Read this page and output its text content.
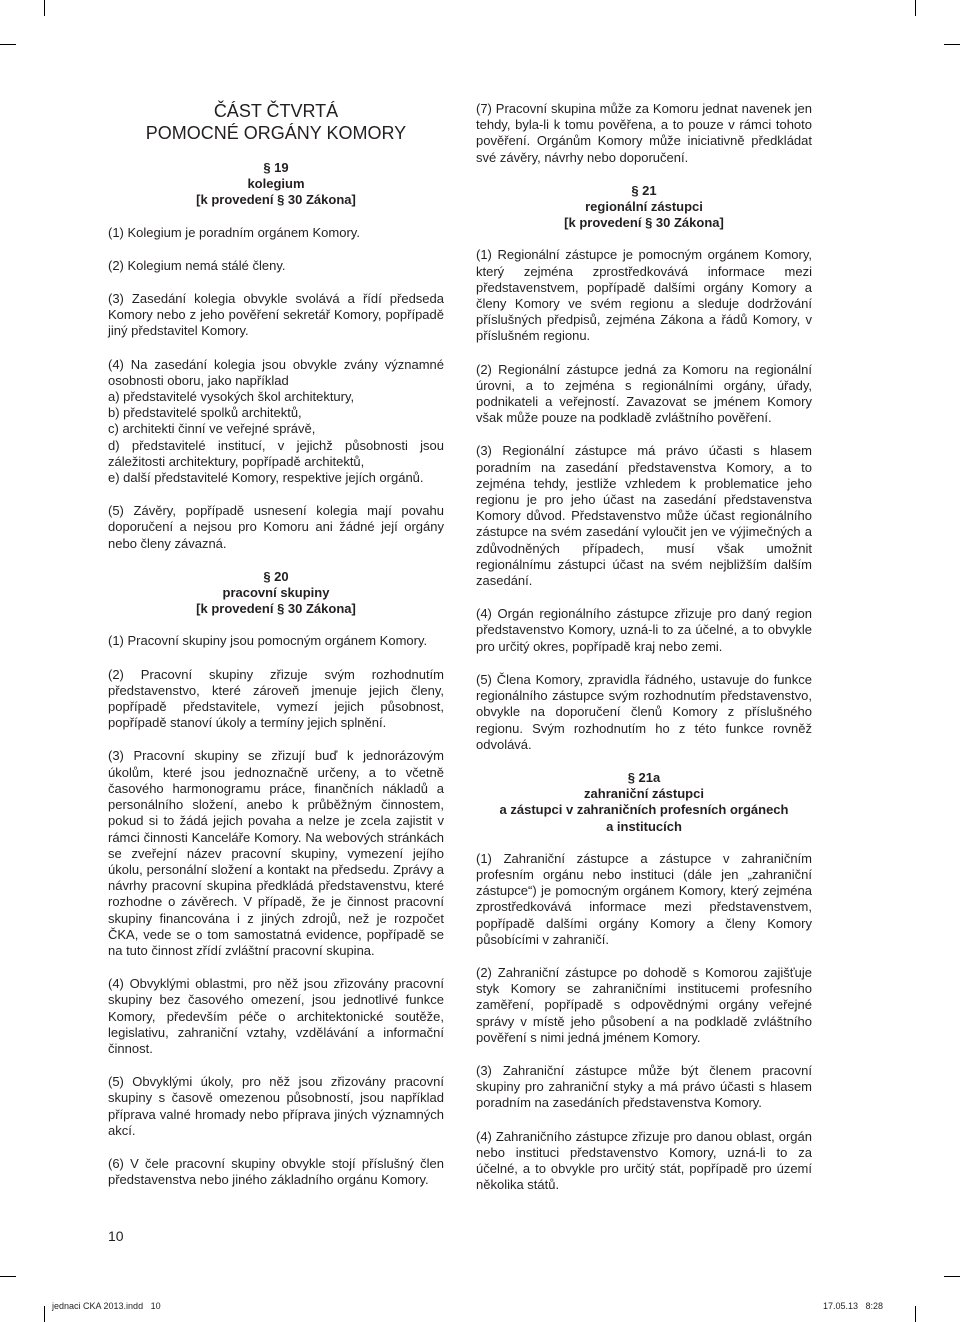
ČÁST ČTVRTÁ
POMOCNÉ ORGÁNY KOMORY
§ 19
kolegium
[k provedení § 30 Zákona]

(1) Kolegium je poradním orgánem Komory.

(2) Kolegium nemá stálé členy.

(3) Zasedání kolegia obvykle svolává a řídí předseda Komory nebo z jeho pověření sekretář Komory, popřípadě jiný představitel Komory.

(4) Na zasedání kolegia jsou obvykle zvány významné osobnosti oboru, jako například
a) představitelé vysokých škol architektury,
b) představitelé spolků architektů,
c) architekti činní ve veřejné správě,
d) představitelé institucí, v jejichž působnosti jsou záležitosti architektury, popřípadě architektů,
e) další představitelé Komory, respektive jejích orgánů.

(5) Závěry, popřípadě usnesení kolegia mají povahu doporučení a nejsou pro Komoru ani žádné její orgány nebo členy závazná.

§ 20
pracovní skupiny
[k provedení § 30 Zákona]

(1) Pracovní skupiny jsou pomocným orgánem Komory.

(2) Pracovní skupiny zřizuje svým rozhodnutím představenstvo, které zároveň jmenuje jejich členy, popřípadě představitele, vymezí jejich působnost, popřípadě stanoví úkoly a termíny jejich splnění.

(3) Pracovní skupiny se zřizují buď k jednorázovým úkolům, které jsou jednoznačně určeny, a to včetně časového harmonogramu práce, finančních nákladů a personálního složení, anebo k průběžným činnostem, pokud si to žádá jejich povaha a nelze je zcela zajistit v rámci činnosti Kanceláře Komory. Na webových stránkách se zveřejní název pracovní skupiny, vymezení jejího úkolu, personální složení a kontakt na předsedu. Zprávy a návrhy pracovní skupina předkládá představenstvu, které rozhodne o závěrech. V případě, že je činnost pracovní skupiny financována i z jiných zdrojů, než je rozpočet ČKA, vede se o tom samostatná evidence, popřípadě se na tuto činnost zřídí zvláštní pracovní skupina.

(4) Obvyklými oblastmi, pro něž jsou zřizovány pracovní skupiny bez časového omezení, jsou jednotlivé funkce Komory, především péče o architektonické soutěže, legislativu, zahraniční vztahy, vzdělávání a informační činnost.

(5) Obvyklými úkoly, pro něž jsou zřizovány pracovní skupiny s časově omezenou působností, jsou například příprava valné hromady nebo příprava jiných významných akcí.

(6) V čele pracovní skupiny obvykle stojí příslušný člen představenstva nebo jiného základního orgánu Komory.

(7) Pracovní skupina může za Komoru jednat navenek jen tehdy, byla-li k tomu pověřena, a to pouze v rámci tohoto pověření. Orgánům Komory může iniciativně předkládat své závěry, návrhy nebo doporučení.

§ 21
regionální zástupci
[k provedení § 30 Zákona]

(1) Regionální zástupce je pomocným orgánem Komory, který zejména zprostředkovává informace mezi představenstvem, popřípadě dalšími orgány Komory a členy Komory ve svém regionu a sleduje dodržování příslušných předpisů, zejména Zákona a řádů Komory, v příslušném regionu.

(2) Regionální zástupce jedná za Komoru na regionální úrovni, a to zejména s regionálními orgány, úřady, podnikateli a veřejností. Zavazovat se jménem Komory však může pouze na podkladě zvláštního pověření.

(3) Regionální zástupce má právo účasti s hlasem poradním na zasedání představenstva Komory, a to zejména tehdy, jestliže vzhledem k problematice jeho regionu je pro jeho účast na zasedání představenstva Komory důvod. Představenstvo může účast regionálního zástupce na svém zasedání vyloučit jen ve výjimečných a zdůvodněných případech, musí však umožnit regionálnímu zástupci účast na svém nejbližším dalším zasedání.

(4) Orgán regionálního zástupce zřizuje pro daný region představenstvo Komory, uzná-li to za účelné, a to obvykle pro určitý okres, popřípadě kraj nebo zemi.

(5) Člena Komory, zpravidla řádného, ustavuje do funkce regionálního zástupce svým rozhodnutím představenstvo, obvykle na doporučení členů Komory z příslušného regionu. Svým rozhodnutím ho z této funkce rovněž odvolává.

§ 21a
zahraniční zástupci
a zástupci v zahraničních profesních orgánech
a institucích

(1) Zahraniční zástupce a zástupce v zahraničním profesním orgánu nebo instituci (dále jen „zahraniční zástupce“) je pomocným orgánem Komory, který zejména zprostředkovává informace mezi představenstvem, popřípadě dalšími orgány Komory a členy Komory působícími v zahraničí.

(2) Zahraniční zástupce po dohodě s Komorou zajišťuje styk Komory se zahraničními institucemi profesního zaměření, popřípadě s odpovědnými orgány veřejné správy v místě jeho působení a na podkladě zvláštního pověření s nimi jedná jménem Komory.

(3) Zahraniční zástupce může být členem pracovní skupiny pro zahraniční styky a má právo účasti s hlasem poradním na zasedáních představenstva Komory.

(4) Zahraničního zástupce zřizuje pro danou oblast, orgán nebo instituci představenstvo Komory, uzná-li to za účelné, a to obvykle pro určitý stát, popřípadě pro území několika států.

10
jednaci CKA 2013.indd   10	17.05.13   8:28
